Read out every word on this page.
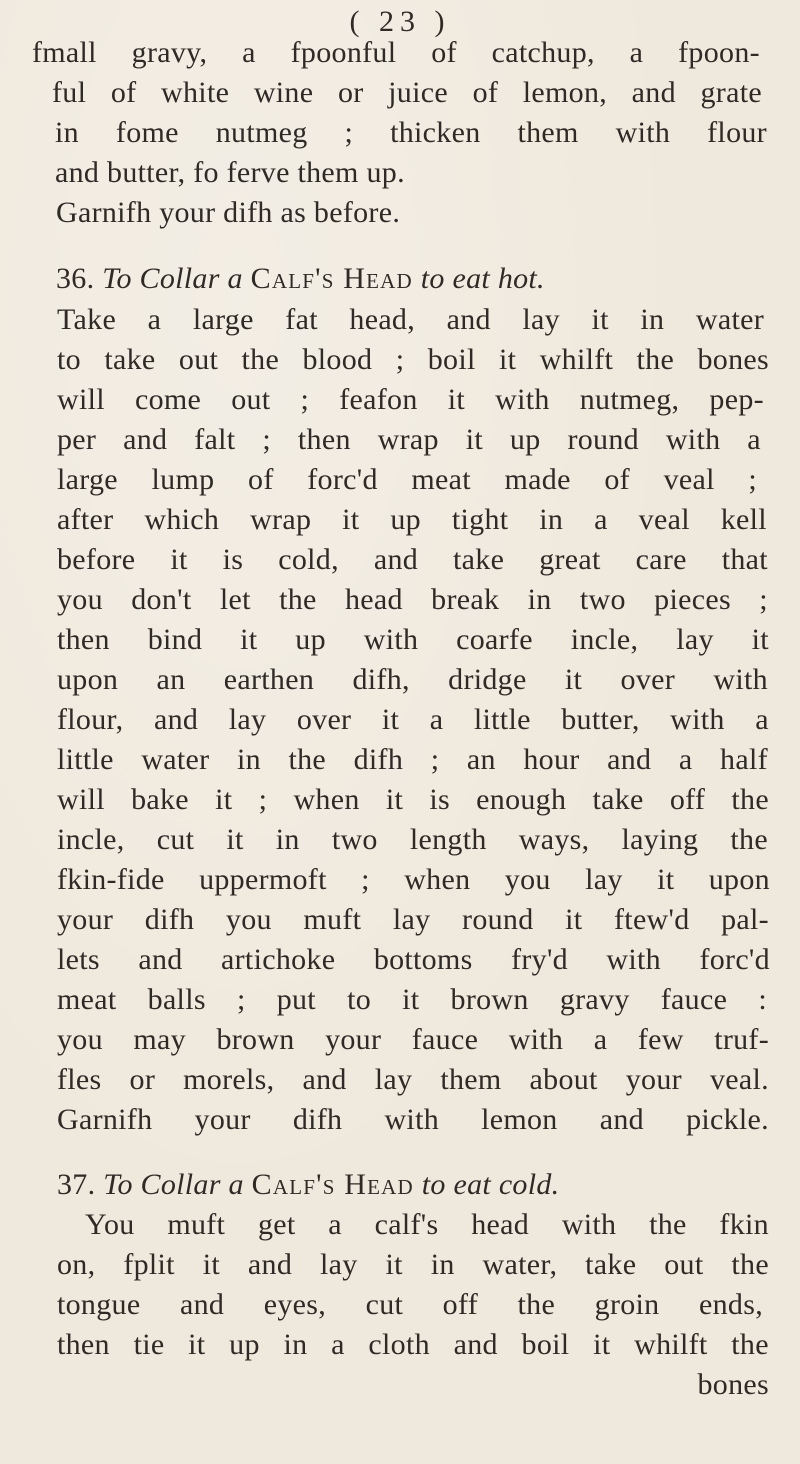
( 23 )
fmall gravy, a fpoonful of catchup, a fpoon-
ful of white wine or juice of lemon, and grate
in fome nutmeg ; thicken them with flour
and butter, fo ferve them up.
Garnifh your difh as before.
36. To Collar a Calf's Head to eat hot.
Take a large fat head, and lay it in water
to take out the blood ; boil it whilft the bones
will come out ; feafon it with nutmeg, pep-
per and falt ; then wrap it up round with a
large lump of forc'd meat made of veal ;
after which wrap it up tight in a veal kell
before it is cold, and take great care that
you don't let the head break in two pieces ;
then bind it up with coarfe incle, lay it
upon an earthen difh, dridge it over with
flour, and lay over it a little butter, with a
little water in the difh ; an hour and a half
will bake it ; when it is enough take off the
incle, cut it in two length ways, laying the
fkin-fide uppermoft ; when you lay it upon
your difh you muft lay round it ftew'd pal-
lets and artichoke bottoms fry'd with forc'd
meat balls ; put to it brown gravy fauce :
you may brown your fauce with a few truf-
fles or morels, and lay them about your veal.
Garnifh your difh with lemon and pickle.
37. To Collar a Calf's Head to eat cold.
You muft get a calf's head with the fkin
on, fplit it and lay it in water, take out the
tongue and eyes, cut off the groin ends,
then tie it up in a cloth and boil it whilft the
bones
